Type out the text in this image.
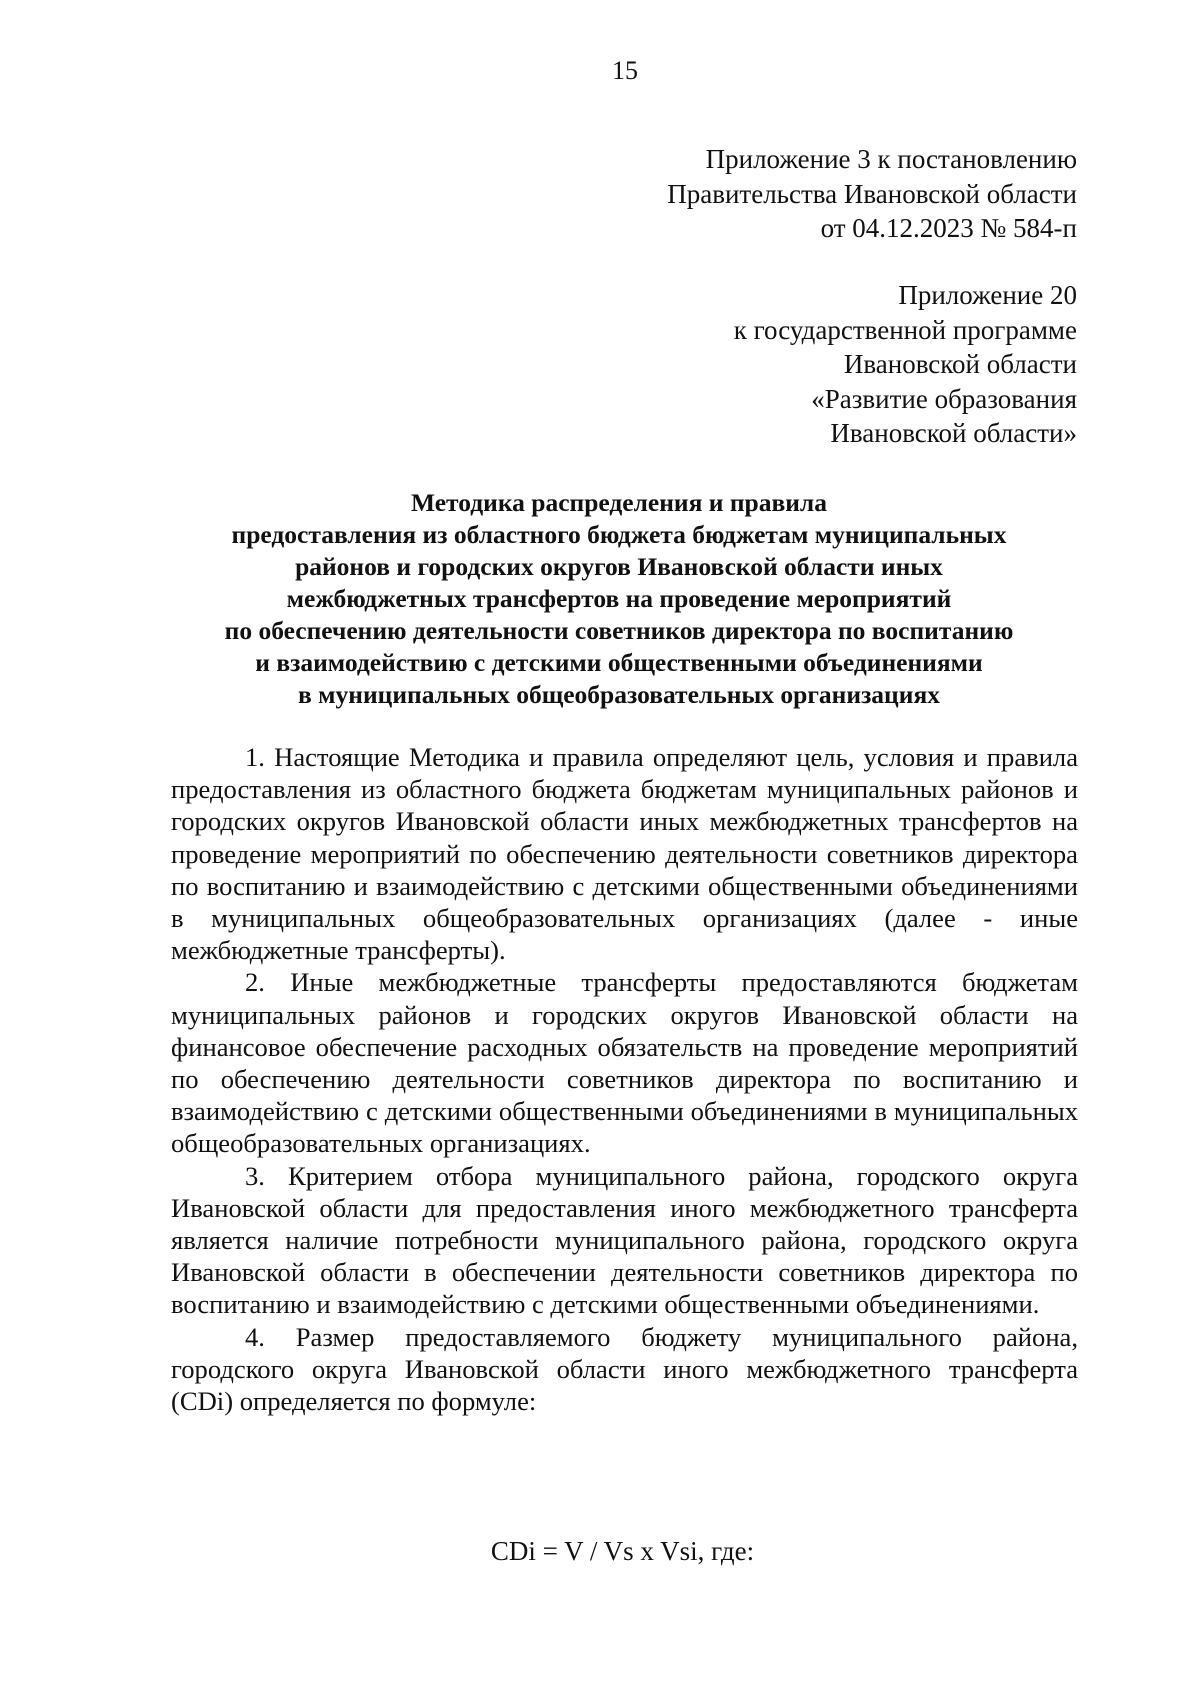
15
Приложение 3 к постановлению
Правительства Ивановской области
от 04.12.2023 № 584-п
Приложение 20
к государственной программе
Ивановской области
«Развитие образования
Ивановской области»
Методика распределения и правила
предоставления из областного бюджета бюджетам муниципальных
районов и городских округов Ивановской области иных
межбюджетных трансфертов на проведение мероприятий
по обеспечению деятельности советников директора по воспитанию
и взаимодействию с детскими общественными объединениями
в муниципальных общеобразовательных организациях

1. Настоящие Методика и правила определяют цель, условия и правила предоставления из областного бюджета бюджетам муниципальных районов и городских округов Ивановской области иных межбюджетных трансфертов на проведение мероприятий по обеспечению деятельности советников директора по воспитанию и взаимодействию с детскими общественными объединениями в муниципальных общеобразовательных организациях (далее - иные межбюджетные трансферты).

2. Иные межбюджетные трансферты предоставляются бюджетам муниципальных районов и городских округов Ивановской области на финансовое обеспечение расходных обязательств на проведение мероприятий по обеспечению деятельности советников директора по воспитанию и взаимодействию с детскими общественными объединениями в муниципальных общеобразовательных организациях.

3. Критерием отбора муниципального района, городского округа Ивановской области для предоставления иного межбюджетного трансферта является наличие потребности муниципального района, городского округа Ивановской области в обеспечении деятельности советников директора по воспитанию и взаимодействию с детскими общественными объединениями.

4. Размер предоставляемого бюджету муниципального района, городского округа Ивановской области иного межбюджетного трансферта (CDi) определяется по формуле:

CDi = V / Vs x Vsi, где:
